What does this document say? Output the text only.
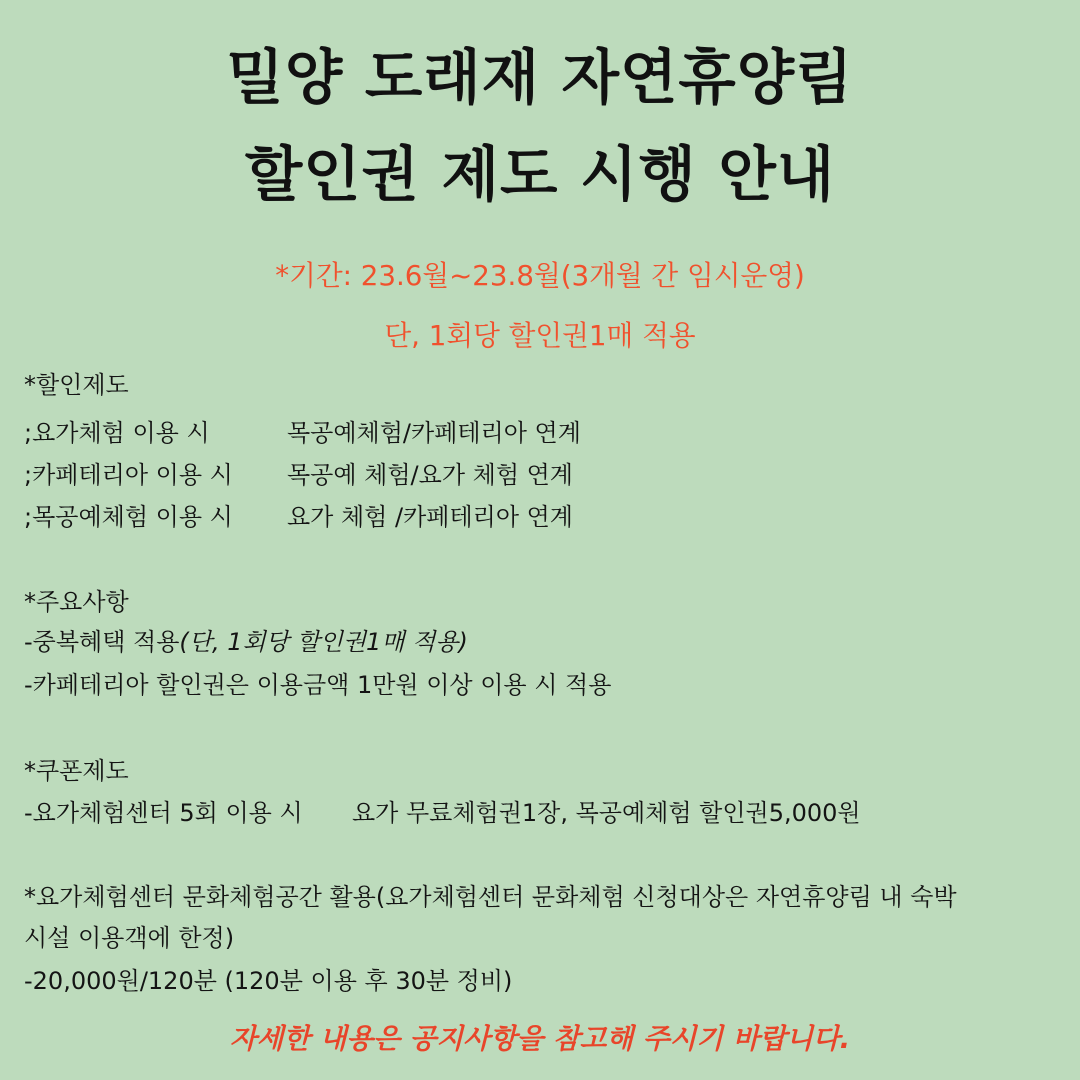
밀양 도래재 자연휴양림
할인권 제도 시행 안내
*기간: 23.6월~23.8월(3개월 간 임시운영)
단, 1회당 할인권1매 적용
*할인제도
;요가체험 이용 시	목공예체험/카페테리아 연계
;카페테리아 이용 시 목공예 체험/요가 체험 연계
;목공예체험 이용 시 요가 체험 /카페테리아 연계
*주요사항
-중복혜택 적용(단, 1회당 할인권1매 적용)
-카페테리아 할인권은 이용금액 1만원 이상 이용 시 적용
*쿠폰제도
-요가체험센터 5회 이용 시 요가 무료체험권1장, 목공예체험 할인권5,000원
*요가체험센터 문화체험공간 활용(요가체험센터 문화체험 신청대상은 자연휴양림 내 숙박
시설 이용객에 한정)
-20,000원/120분 (120분 이용 후 30분 정비)
자세한 내용은 공지사항을 참고해 주시기 바랍니다.
